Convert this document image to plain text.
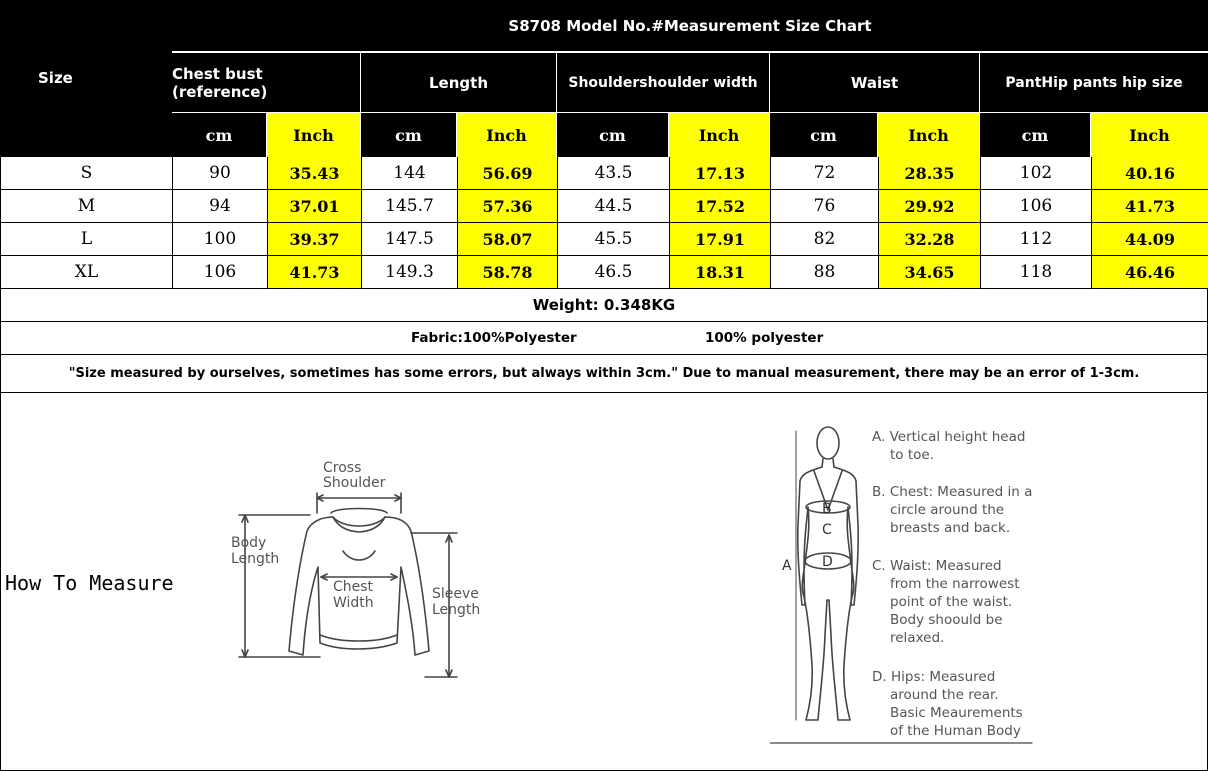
Size
S8708 Model No.#Measurement Size Chart
Chest bust (reference)	Length	Shouldershoulder width	Waist	PantHip pants hip size
cm	Inch	cm	Inch	cm	Inch	cm	Inch	cm	Inch
S	90	35.43	144	56.69	43.5	17.13	72	28.35	102	40.16
M	94	37.01	145.7	57.36	44.5	17.52	76	29.92	106	41.73
L	100	39.37	147.5	58.07	45.5	17.91	82	32.28	112	44.09
XL	106	41.73	149.3	58.78	46.5	18.31	88	34.65	118	46.46
Weight: 0.348KG
Fabric:100%Polyester	100% polyester
"Size measured by ourselves, sometimes has some errors, but always within 3cm." Due to manual measurement, there may be an error of 1-3cm.
How To Measure
Cross
Shoulder
Body
Length
Chest
Width
Sleeve
Length
B
C
D
A
A. Vertical height head
to toe.
B. Chest: Measured in a
circle around the
breasts and back.
C. Waist: Measured
from the narrowest
point of the waist.
Body shoould be
relaxed.
D. Hips: Measured
around the rear.
Basic Meaurements
of the Human Body
